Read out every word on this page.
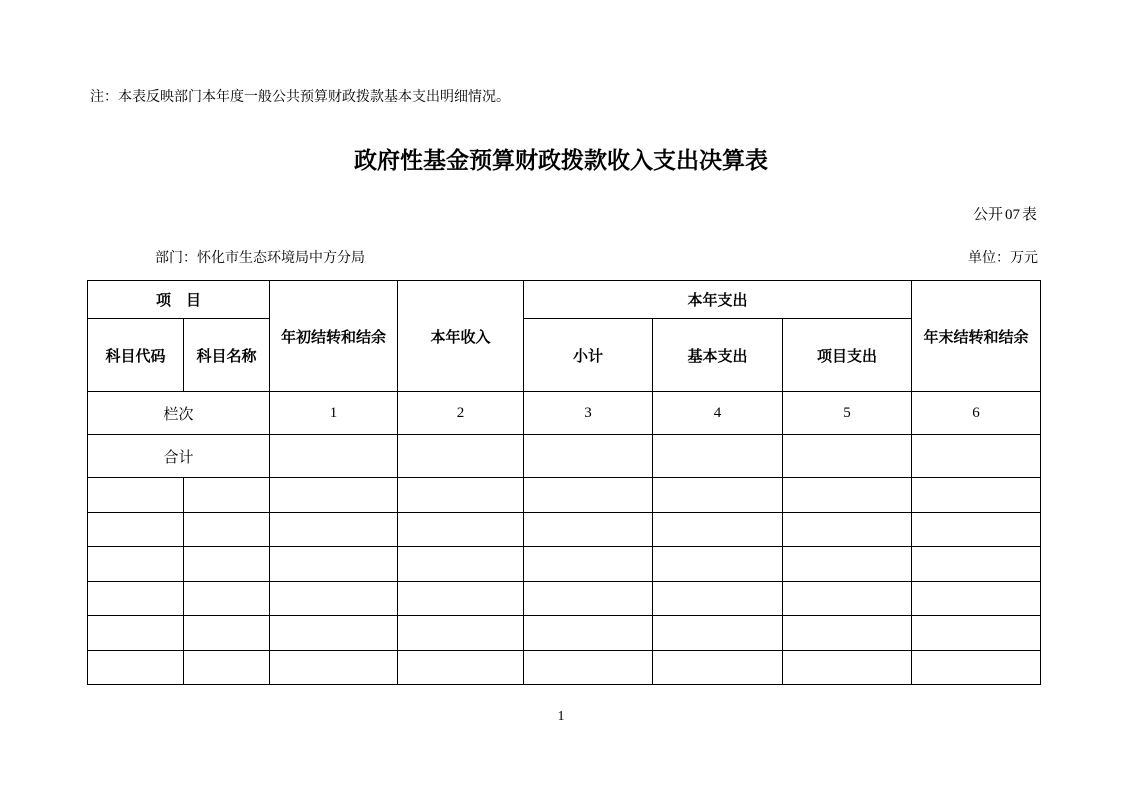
注：本表反映部门本年度一般公共预算财政拨款基本支出明细情况。
政府性基金预算财政拨款收入支出决算表
公开 07 表
部门：怀化市生态环境局中方分局	单位：万元
项　目		年初结转和结余	本年收入	本年支出			年末结转和结余
科目代码	科目名称			小计	基本支出	项目支出	
栏次		1	2	3	4	5	6
合计							

1
